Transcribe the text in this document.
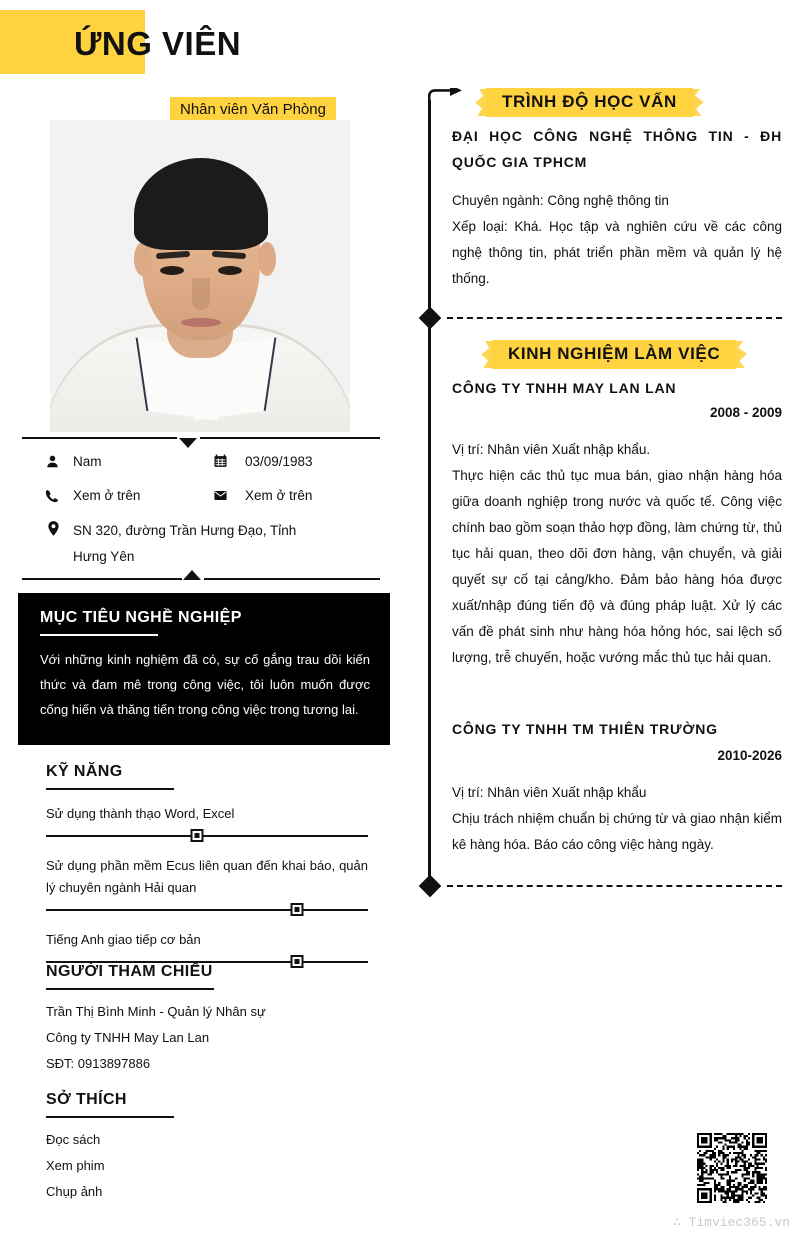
ỨNG VIÊN
Nhân viên Văn Phòng
Nam	03/09/1983
Xem ở trên	Xem ở trên
SN 320, đường Trần Hưng Đạo, Tỉnh Hưng Yên
MỤC TIÊU NGHỀ NGHIỆP
Với những kinh nghiệm đã có, sự cố gắng trau dồi kiến thức và đam mê trong công việc, tôi luôn muốn được cống hiến và thăng tiến trong công việc trong tương lai.
KỸ NĂNG
Sử dụng thành thạo Word, Excel
Sử dụng phần mềm Ecus liên quan đến khai báo, quản lý chuyên ngành Hải quan
Tiếng Anh giao tiếp cơ bản
NGƯỜI THAM CHIẾU
Trần Thị Bình Minh - Quản lý Nhân sự
Công ty TNHH May Lan Lan
SĐT: 0913897886
SỞ THÍCH
Đọc sách
Xem phim
Chụp ảnh
TRÌNH ĐỘ HỌC VẤN
ĐẠI HỌC CÔNG NGHỆ THÔNG TIN - ĐH QUỐC GIA TPHCM
Chuyên ngành: Công nghệ thông tin
Xếp loại: Khá. Học tập và nghiên cứu về các công nghệ thông tin, phát triển phần mềm và quản lý hệ thống.
KINH NGHIỆM LÀM VIỆC
CÔNG TY TNHH MAY LAN LAN
2008 - 2009
Vị trí: Nhân viên Xuất nhập khẩu.
Thực hiện các thủ tục mua bán, giao nhận hàng hóa giữa doanh nghiệp trong nước và quốc tế. Công việc chính bao gồm soạn thảo hợp đồng, làm chứng từ, thủ tục hải quan, theo dõi đơn hàng, vận chuyển, và giải quyết sự cố tại cảng/kho. Đảm bảo hàng hóa được xuất/nhập đúng tiến độ và đúng pháp luật. Xử lý các vấn đề phát sinh như hàng hóa hỏng hóc, sai lệch số lượng, trễ chuyến, hoặc vướng mắc thủ tục hải quan.
CÔNG TY TNHH TM THIÊN TRƯỜNG
2010-2026
Vị trí: Nhân viên Xuất nhập khẩu
Chịu trách nhiệm chuẩn bị chứng từ và giao nhận kiểm kê hàng hóa. Báo cáo công việc hàng ngày.
∴ Timviec365.vn
